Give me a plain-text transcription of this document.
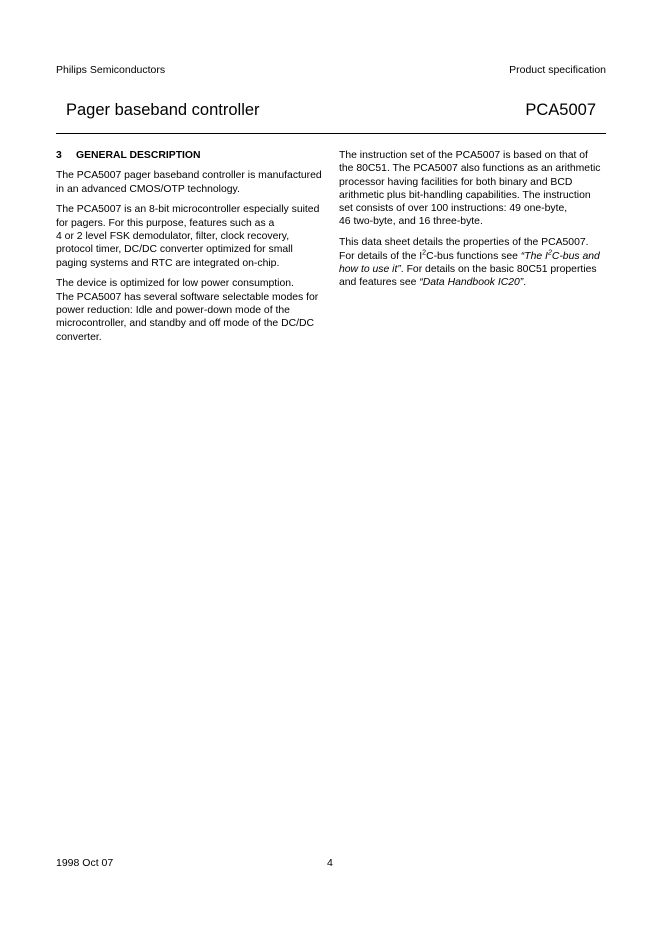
Philips Semiconductors	Product specification
Pager baseband controller	PCA5007
3 GENERAL DESCRIPTION

The PCA5007 pager baseband controller is manufactured in an advanced CMOS/OTP technology.

The PCA5007 is an 8-bit microcontroller especially suited for pagers. For this purpose, features such as a
4 or 2 level FSK demodulator, filter, clock recovery, protocol timer, DC/DC converter optimized for small paging systems and RTC are integrated on-chip.

The device is optimized for low power consumption.
The PCA5007 has several software selectable modes for power reduction: Idle and power-down mode of the microcontroller, and standby and off mode of the DC/DC converter.

The instruction set of the PCA5007 is based on that of the 80C51. The PCA5007 also functions as an arithmetic processor having facilities for both binary and BCD arithmetic plus bit-handling capabilities. The instruction set consists of over 100 instructions: 49 one-byte,
46 two-byte, and 16 three-byte.

This data sheet details the properties of the PCA5007.
For details of the $I^2C$-bus functions see “The $I^2C$-bus and how to use it”. For details on the basic 80C51 properties and features see “Data Handbook IC20”.

1998 Oct 07	4
